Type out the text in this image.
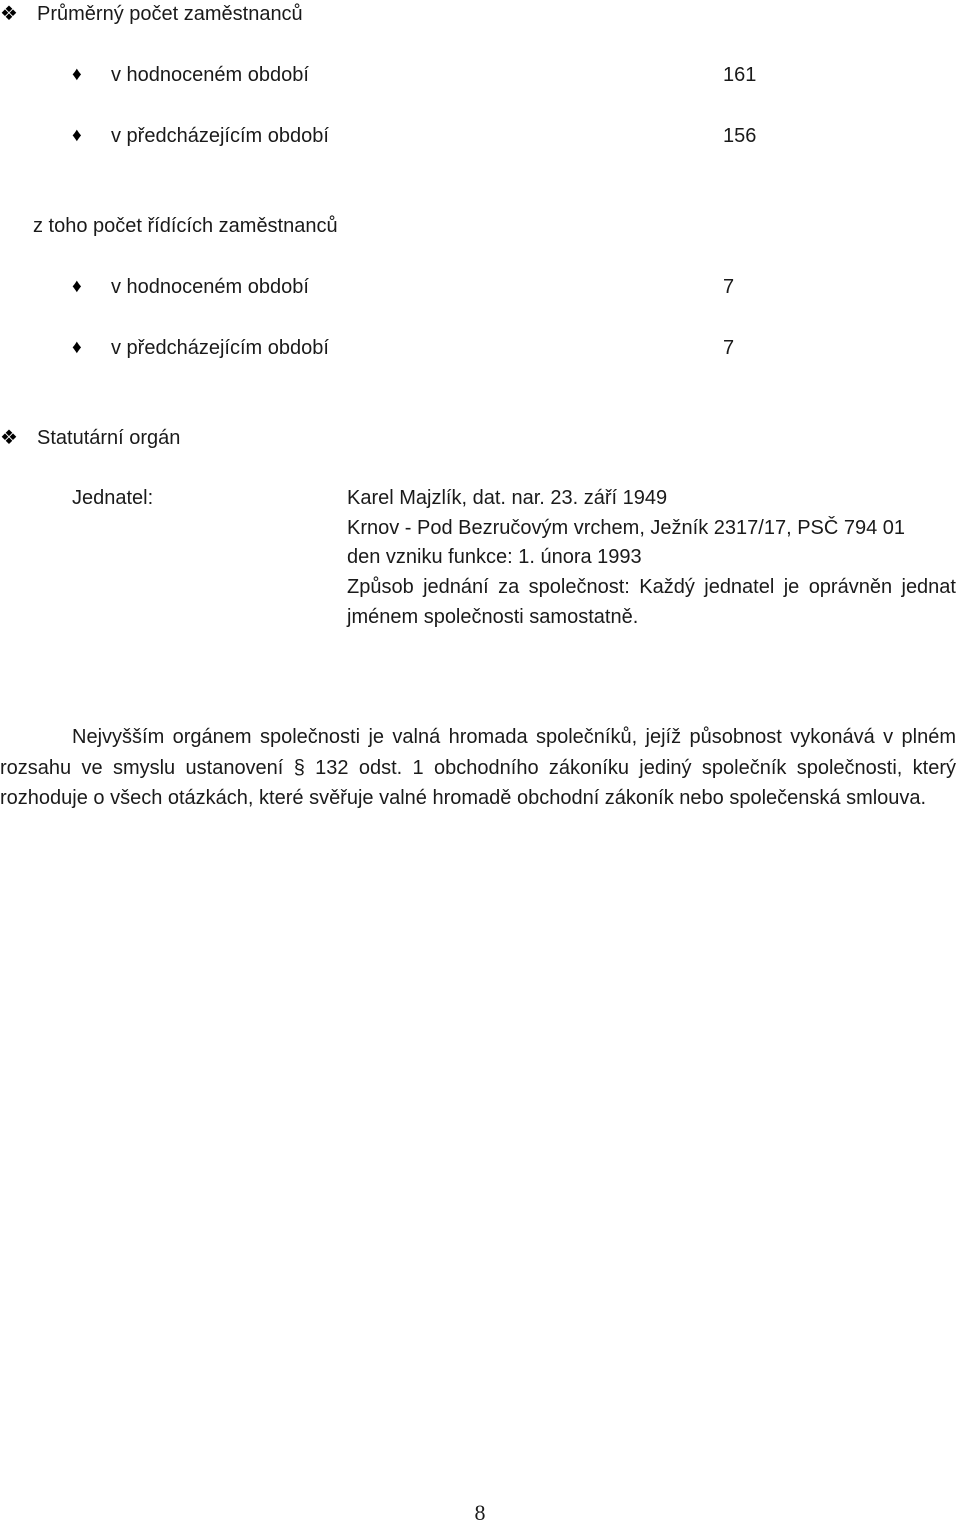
❖ Průměrný počet zaměstnanců
♦ v hodnoceném období	161
♦ v předcházejícím období	156
z toho počet řídících zaměstnanců
♦ v hodnoceném období	7
♦ v předcházejícím období	7
❖ Statutární orgán
Jednatel:	Karel Majzlík, dat. nar. 23. září 1949
Krnov - Pod Bezručovým vrchem, Ježník 2317/17, PSČ 794 01
den vzniku funkce: 1. února 1993
Způsob jednání za společnost: Každý jednatel je oprávněn jednat jménem společnosti samostatně.
Nejvyšším orgánem společnosti je valná hromada společníků, jejíž působnost vykonává v plném rozsahu ve smyslu ustanovení § 132 odst. 1 obchodního zákoníku jediný společník společnosti, který rozhoduje o všech otázkách, které svěřuje valné hromadě obchodní zákoník nebo společenská smlouva.
8
